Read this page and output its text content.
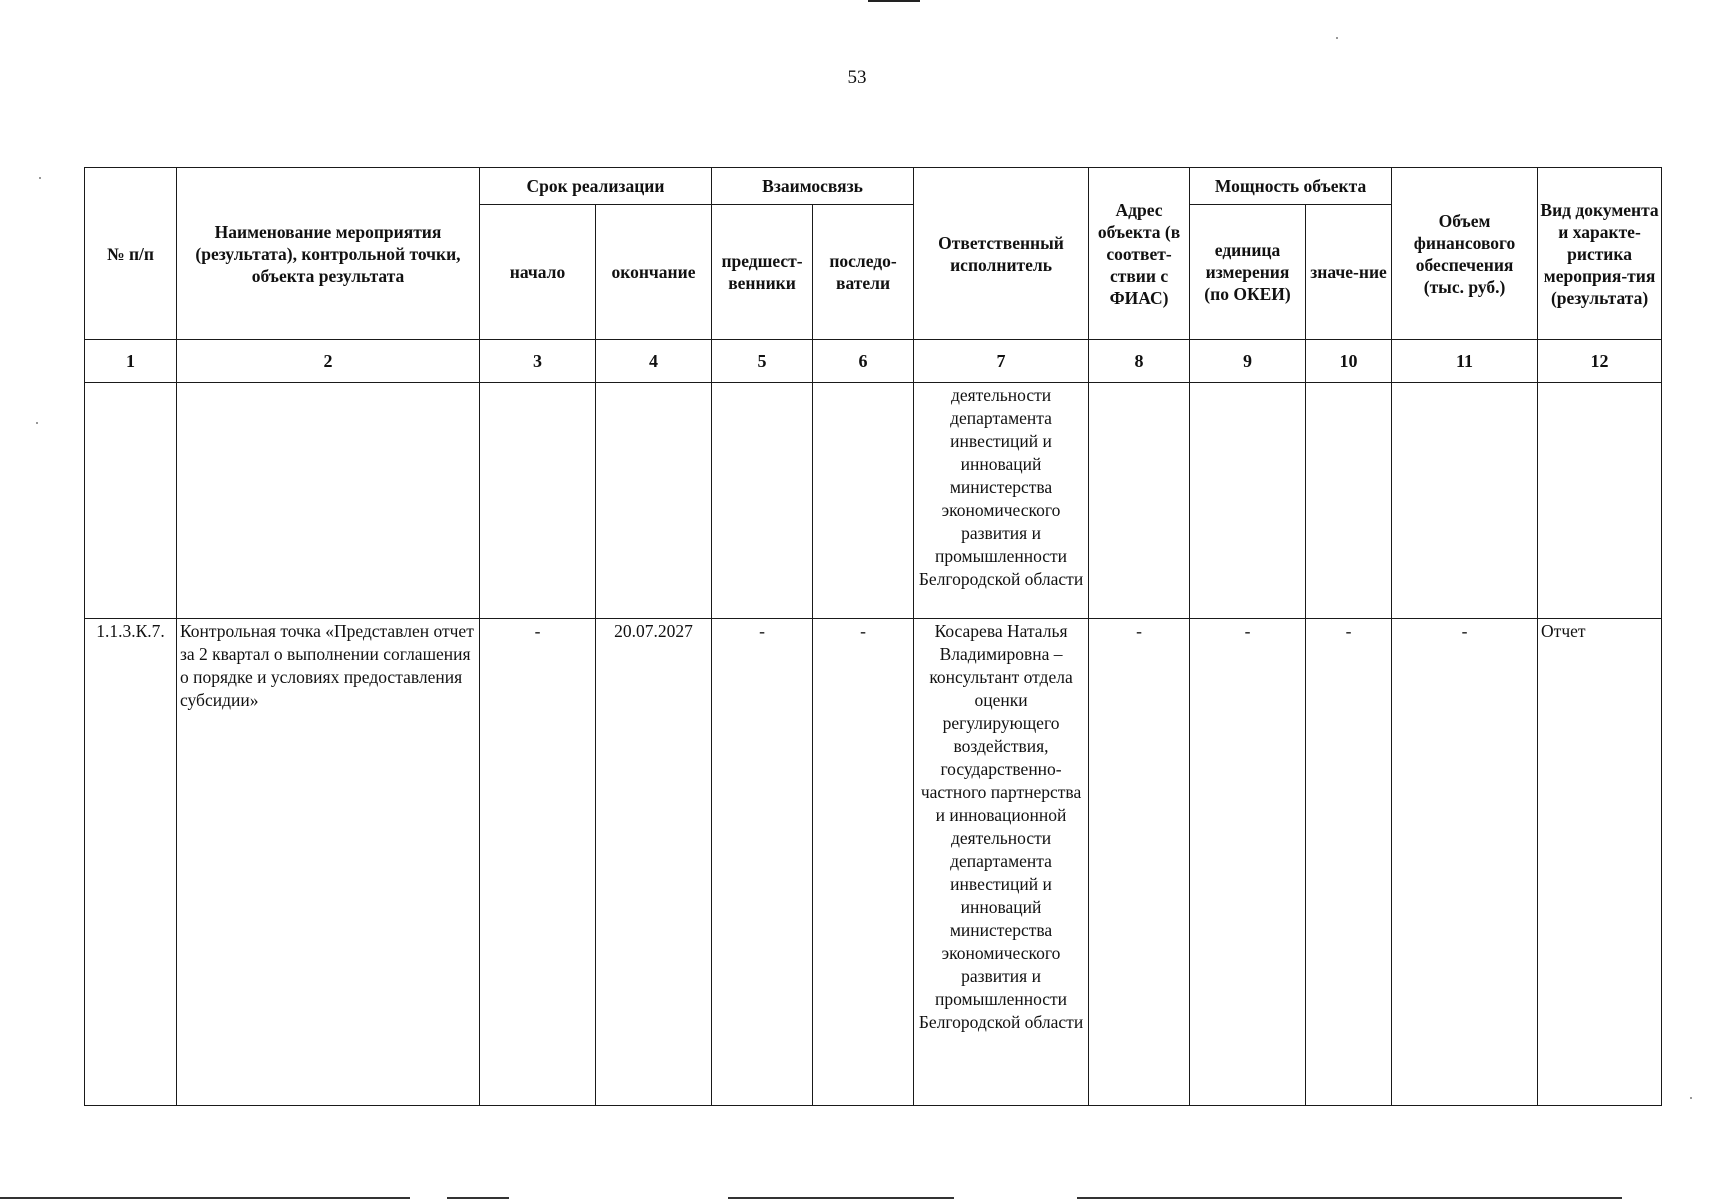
53
№ п/п	Наименование мероприятия (результата), контрольной точки, объекта результата	Срок реализации		Взаимосвязь		Ответственный исполнитель	Адрес объекта (в соответ-ствии с ФИАС)	Мощность объекта		Объем финансового обеспечения (тыс. руб.)	Вид документа и характе-ристика мероприя-тия (результата)
		начало	окончание	предшест-венники	последо-ватели			единица измерения (по ОКЕИ)	значе-ние		
1	2	3	4	5	6	7	8	9	10	11	12
						деятельности департамента инвестиций и инноваций министерства экономического развития и промышленности Белгородской области					
1.1.3.К.7.	Контрольная точка «Представлен отчет за 2 квартал о выполнении соглашения о порядке и условиях предоставления субсидии»	-	20.07.2027	-	-	Косарева Наталья Владимировна – консультант отдела оценки регулирующего воздействия, государственно-частного партнерства и инновационной деятельности департамента инвестиций и инноваций министерства экономического развития и промышленности Белгородской области	-	-	-	-	Отчет
